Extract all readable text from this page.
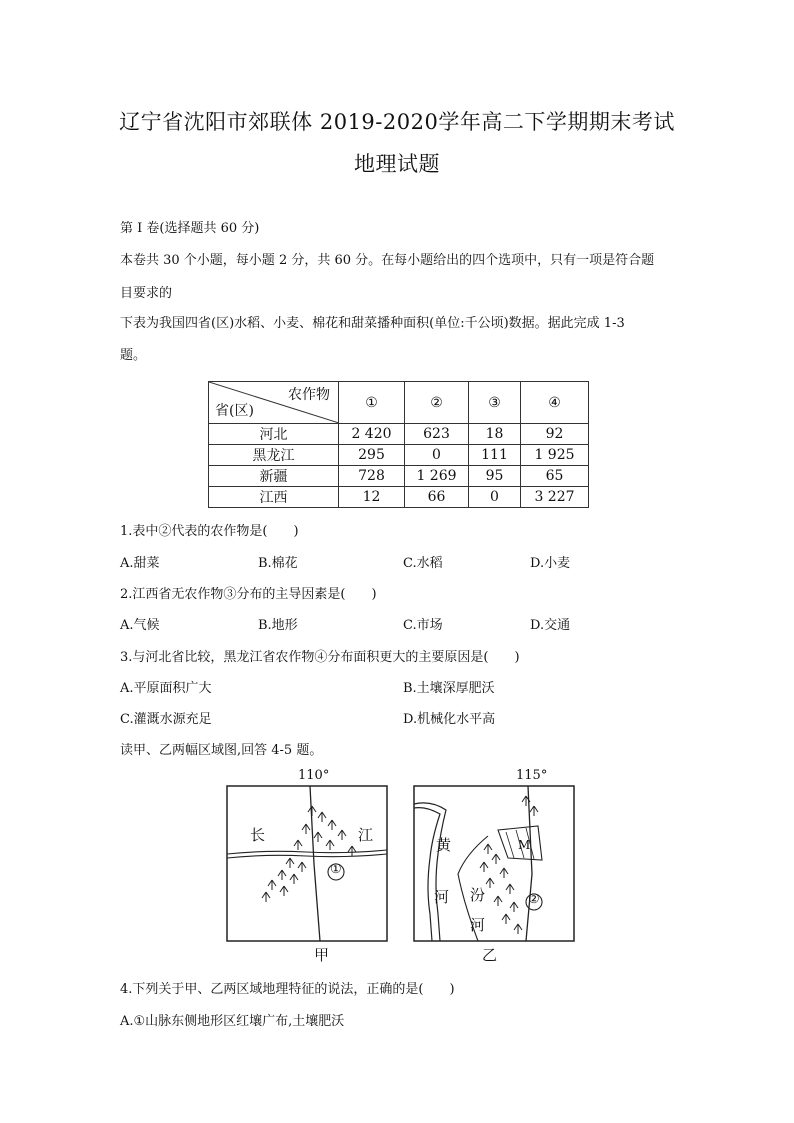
辽宁省沈阳市郊联体 2019-2020学年高二下学期期末考试
地理试题
第 I 卷(选择题共 60 分)
本卷共 30 个小题，每小题 2 分，共 60 分。在每小题给出的四个选项中，只有一项是符合题
目要求的
下表为我国四省(区)水稻、小麦、棉花和甜菜播种面积(单位:千公顷)数据。据此完成 1-3
题。
农作物
省(区)	①	②	③	④
河北	2 420	623	18	92
黑龙江	295	0	111	1 925
新疆	728	1 269	95	65
江西	12	66	0	3 227
1.表中②代表的农作物是(　　)
A.甜菜	B.棉花	C.水稻	D.小麦
2.江西省无农作物③分布的主导因素是(　　)
A.气候	B.地形	C.市场	D.交通
3.与河北省比较，黑龙江省农作物④分布面积更大的主要原因是(　　)
A.平原面积广大	B.土壤深厚肥沃
C.灌溉水源充足	D.机械化水平高
读甲、乙两幅区域图,回答 4-5 题。
110°
长	江
①
甲
115°
黄
河 汾
河
②
M
乙
4.下列关于甲、乙两区域地理特征的说法，正确的是(　　)
A.①山脉东侧地形区红壤广布,土壤肥沃
